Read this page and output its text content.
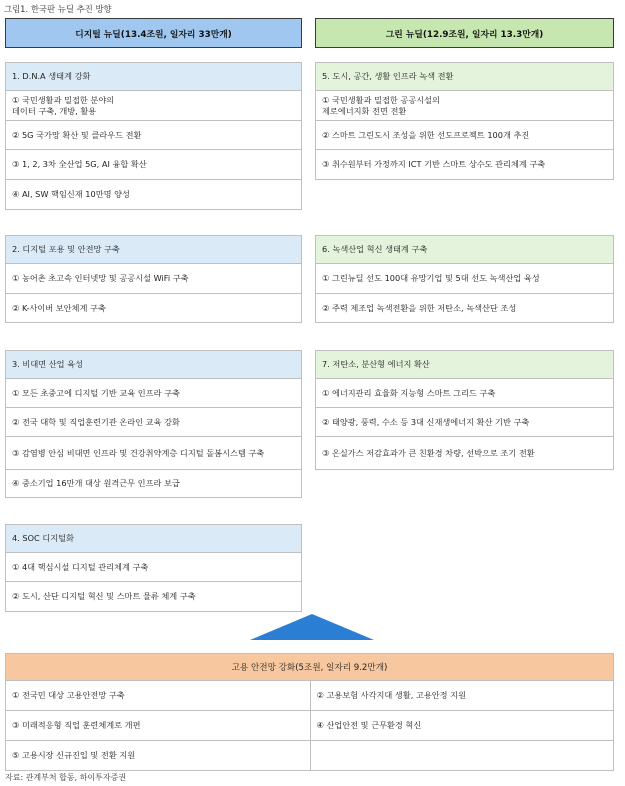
그림1. 한국판 뉴딜 추진 방향
디지털 뉴딜(13.4조원, 일자리 33만개)	그린 뉴딜(12.9조원, 일자리 13.3만개)
1. D.N.A 생태계 강화
① 국민생활과 밀접한 분야의
데이터 구축, 개방, 활용
② 5G 국가망 확산 및 클라우드 전환
③ 1, 2, 3차 全산업 5G, AI 융합 확산
④ AI, SW 핵임신재 10만명 양성
2. 디지털 포용 및 안전망 구축
① 농어촌 초고속 인터넷망 및 공공시설 WiFi 구축
② K-사이버 보안체계 구축
3. 비대면 산업 육성
① 모든 초중고에 디지털 기반 교육 인프라 구축
② 전국 대학 및 직업훈련기관 온라인 교육 강화
③ 감염병 안심 비대면 인프라 및 건강취약계층 디지털 돌봄시스템 구축
④ 중소기업 16만개 대상 원격근무 인프라 보급
4. SOC 디지털화
① 4대 핵심시설 디지털 관리체계 구축
② 도시, 산단 디지털 혁신 및 스마트 물류 체계 구축
5. 도시, 공간, 생활 인프라 녹색 전환
① 국민생활과 밀접한 공공시설의
제로에너지화 전면 전환
② 스마트 그린도시 조성을 위한 선도프로젝트 100개 추진
③ 취수원부터 가정까지 ICT 기반 스마트 상수도 관리체계 구축
6. 녹색산업 혁신 생태계 구축
① 그린뉴딜 선도 100대 유망기업 및 5대 선도 녹색산업 육성
② 주력 제조업 녹색전환을 위한 저탄소, 녹색산단 조성
7. 저탄소, 분산형 에너지 확산
① 에너지관리 효율화 지능형 스마트 그리드 구축
② 태양광, 풍력, 수소 등 3대 신재생에너지 확산 기반 구축
③ 온실가스 저감효과가 큰 친환경 차량, 선박으로 조기 전환
고용 안전망 강화(5조원, 일자리 9.2만개)
① 전국민 대상 고용안전망 구축	② 고용보험 사각지대 생활, 고용안정 지원
③ 미래적응형 직업 훈련체계로 개편	④ 산업안전 및 근무환경 혁신
⑤ 고용시장 신규진입 및 전환 지원
자료: 관계부처 합동, 하이투자증권
